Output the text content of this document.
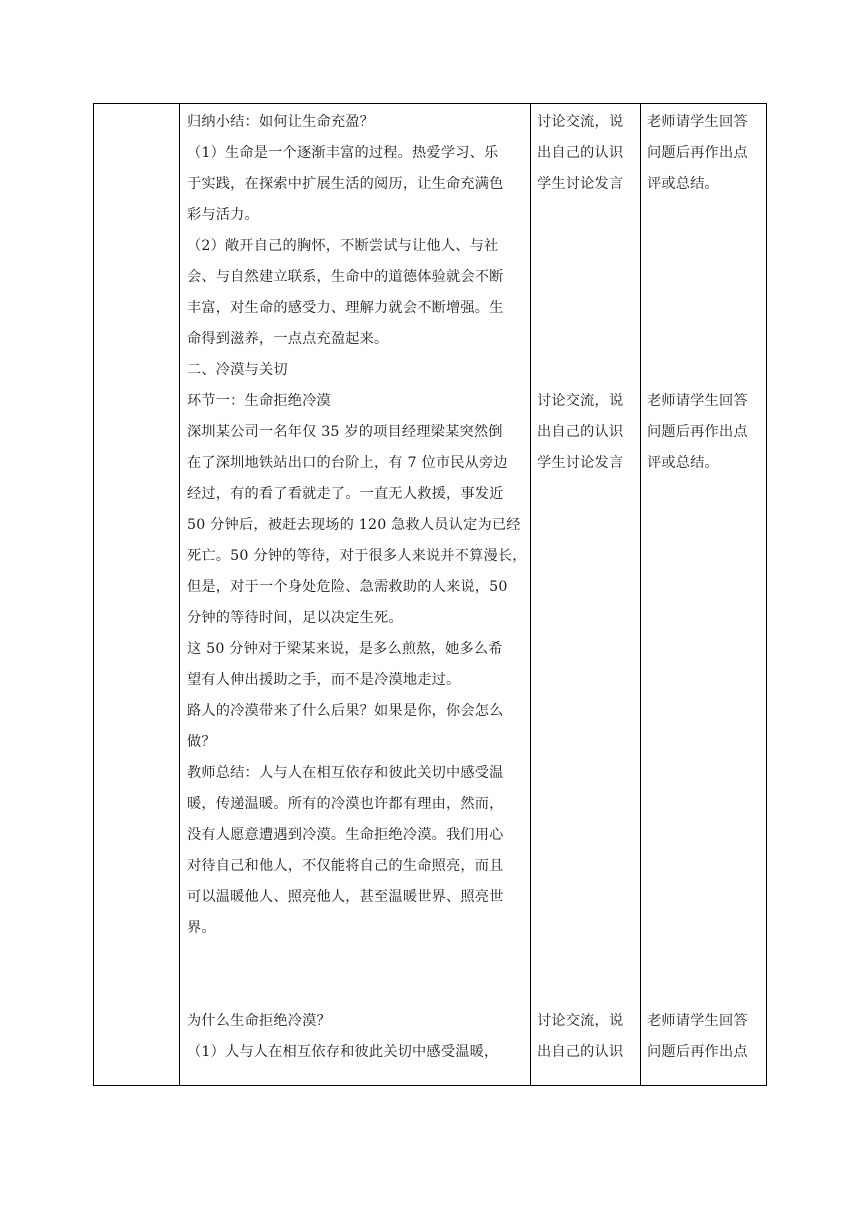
归纳小结：如何让生命充盈？
（1）生命是一个逐渐丰富的过程。热爱学习、乐
于实践，在探索中扩展生活的阅历，让生命充满色
彩与活力。
（2）敞开自己的胸怀，不断尝试与让他人、与社
会、与自然建立联系，生命中的道德体验就会不断
丰富，对生命的感受力、理解力就会不断增强。生
命得到滋养，一点点充盈起来。
二、冷漠与关切
讨论交流，说
出自己的认识
学生讨论发言
老师请学生回答
问题后再作出点
评或总结。
环节一：生命拒绝冷漠
深圳某公司一名年仅 35 岁的项目经理梁某突然倒
在了深圳地铁站出口的台阶上，有 7 位市民从旁边
经过，有的看了看就走了。一直无人救援，事发近
50 分钟后，被赶去现场的 120 急救人员认定为已经
死亡。50 分钟的等待，对于很多人来说并不算漫长，
但是，对于一个身处危险、急需救助的人来说，50
分钟的等待时间，足以决定生死。
这 50 分钟对于梁某来说，是多么煎熬，她多么希
望有人伸出援助之手，而不是冷漠地走过。
路人的冷漠带来了什么后果？如果是你，你会怎么
做？
教师总结：人与人在相互依存和彼此关切中感受温
暖，传递温暖。所有的冷漠也许都有理由，然而，
没有人愿意遭遇到冷漠。生命拒绝冷漠。我们用心
对待自己和他人，不仅能将自己的生命照亮，而且
可以温暖他人、照亮他人，甚至温暖世界、照亮世
界。
讨论交流，说
出自己的认识
学生讨论发言
老师请学生回答
问题后再作出点
评或总结。
为什么生命拒绝冷漠？
（1）人与人在相互依存和彼此关切中感受温暖，
讨论交流，说
出自己的认识
老师请学生回答
问题后再作出点
